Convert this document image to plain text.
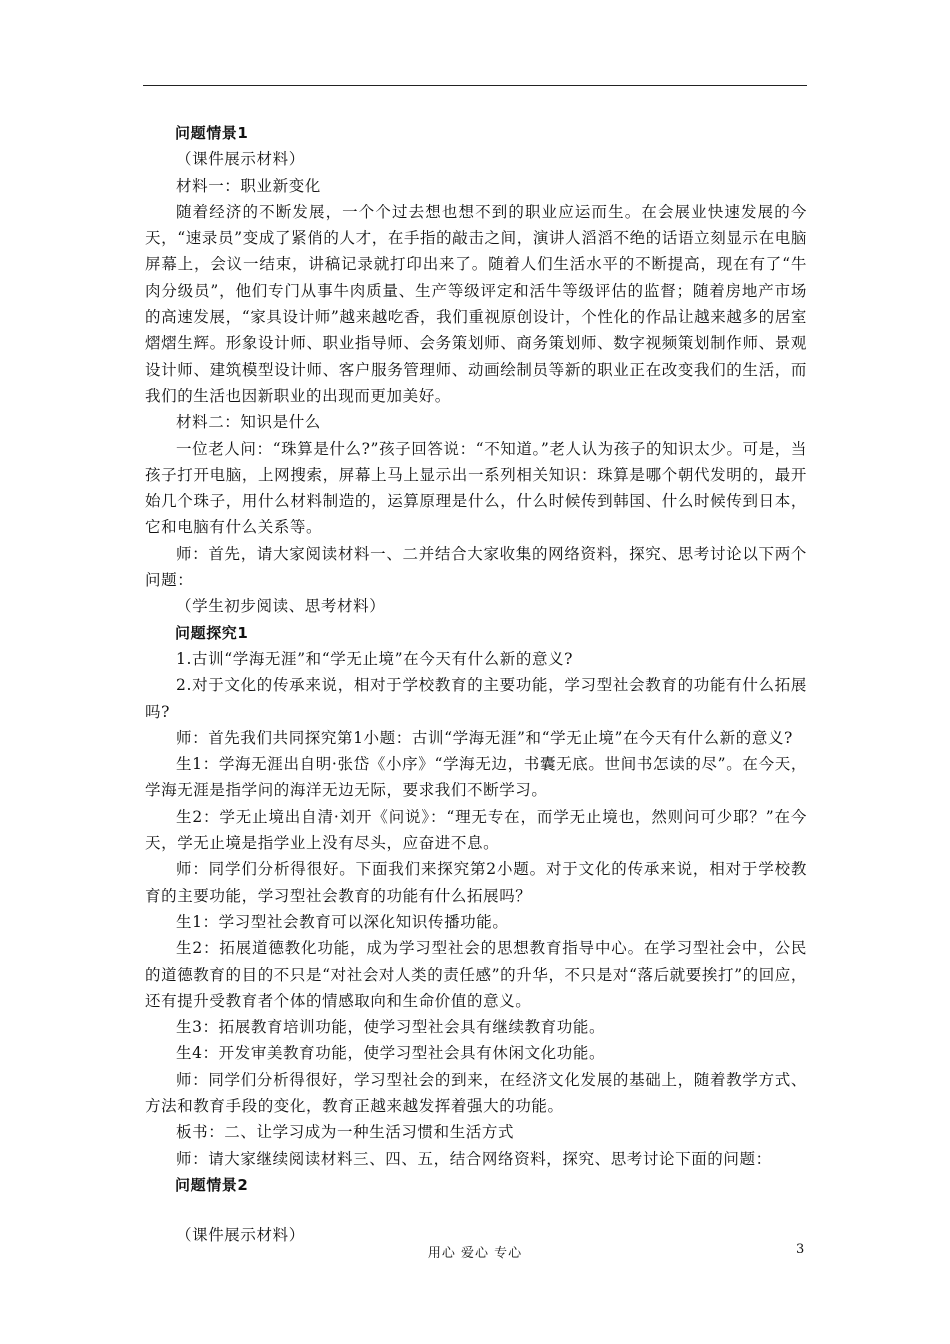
问题情景1

（课件展示材料）

材料一：职业新变化

随着经济的不断发展，一个个过去想也想不到的职业应运而生。在会展业快速发展的今天，“速录员”变成了紧俏的人才，在手指的敲击之间，演讲人滔滔不绝的话语立刻显示在电脑屏幕上，会议一结束，讲稿记录就打印出来了。随着人们生活水平的不断提高，现在有了“牛肉分级员”，他们专门从事牛肉质量、生产等级评定和活牛等级评估的监督；随着房地产市场的高速发展，“家具设计师”越来越吃香，我们重视原创设计，个性化的作品让越来越多的居室熠熠生辉。形象设计师、职业指导师、会务策划师、商务策划师、数字视频策划制作师、景观设计师、建筑模型设计师、客户服务管理师、动画绘制员等新的职业正在改变我们的生活，而我们的生活也因新职业的出现而更加美好。

材料二：知识是什么

一位老人问：“珠算是什么?”孩子回答说：“不知道。”老人认为孩子的知识太少。可是，当孩子打开电脑，上网搜索，屏幕上马上显示出一系列相关知识：珠算是哪个朝代发明的，最开始几个珠子，用什么材料制造的，运算原理是什么，什么时候传到韩国、什么时候传到日本，它和电脑有什么关系等。

师：首先，请大家阅读材料一、二并结合大家收集的网络资料，探究、思考讨论以下两个问题：

（学生初步阅读、思考材料）

问题探究1

1.古训“学海无涯”和“学无止境”在今天有什么新的意义?

2.对于文化的传承来说，相对于学校教育的主要功能，学习型社会教育的功能有什么拓展吗?

师：首先我们共同探究第1小题：古训“学海无涯”和“学无止境”在今天有什么新的意义?

生1：学海无涯出自明·张岱《小序》“学海无边，书囊无底。世间书怎读的尽”。在今天，学海无涯是指学问的海洋无边无际，要求我们不断学习。

生2：学无止境出自清·刘开《问说》：“理无专在，而学无止境也，然则问可少耶？”在今天，学无止境是指学业上没有尽头，应奋进不息。

师：同学们分析得很好。下面我们来探究第2小题。对于文化的传承来说，相对于学校教育的主要功能，学习型社会教育的功能有什么拓展吗？

生1：学习型社会教育可以深化知识传播功能。

生2：拓展道德教化功能，成为学习型社会的思想教育指导中心。在学习型社会中，公民的道德教育的目的不只是“对社会对人类的责任感”的升华，不只是对“落后就要挨打”的回应，还有提升受教育者个体的情感取向和生命价值的意义。

生3：拓展教育培训功能，使学习型社会具有继续教育功能。

生4：开发审美教育功能，使学习型社会具有休闲文化功能。

师：同学们分析得很好，学习型社会的到来，在经济文化发展的基础上，随着教学方式、方法和教育手段的变化，教育正越来越发挥着强大的功能。

板书：二、让学习成为一种生活习惯和生活方式

师：请大家继续阅读材料三、四、五，结合网络资料，探究、思考讨论下面的问题：

问题情景2

（课件展示材料）

用心 爱心 专心	3
